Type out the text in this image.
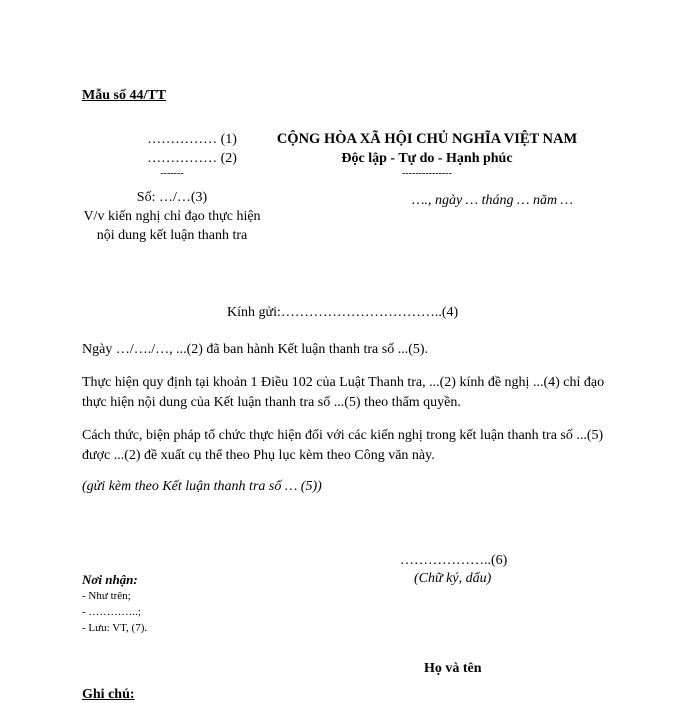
Mẫu số 44/TT
…………… (1)
…………… (2)
-------
Số: …/…(3)
V/v kiến nghị chỉ đạo thực hiện nội dung kết luận thanh tra
CỘNG HÒA XÃ HỘI CHỦ NGHĨA VIỆT NAM
Độc lập - Tự do - Hạnh phúc
---------------
…., ngày … tháng … năm …
Kính gửi:……………………………..(4)
Ngày …/…./…, ...(2) đã ban hành Kết luận thanh tra số ...(5).
Thực hiện quy định tại khoản 1 Điều 102 của Luật Thanh tra, ...(2) kính đề nghị ...(4) chỉ đạo thực hiện nội dung của Kết luận thanh tra số ...(5) theo thẩm quyền.
Cách thức, biện pháp tổ chức thực hiện đối với các kiến nghị trong kết luận thanh tra số ...(5) được ...(2) đề xuất cụ thể theo Phụ lục kèm theo Công văn này.
(gửi kèm theo Kết luận thanh tra số … (5))
………………..(6)
(Chữ ký, dấu)
Nơi nhận:
- Như trên;
- …………..;
- Lưu: VT, (7).
Họ và tên
Ghi chú:
